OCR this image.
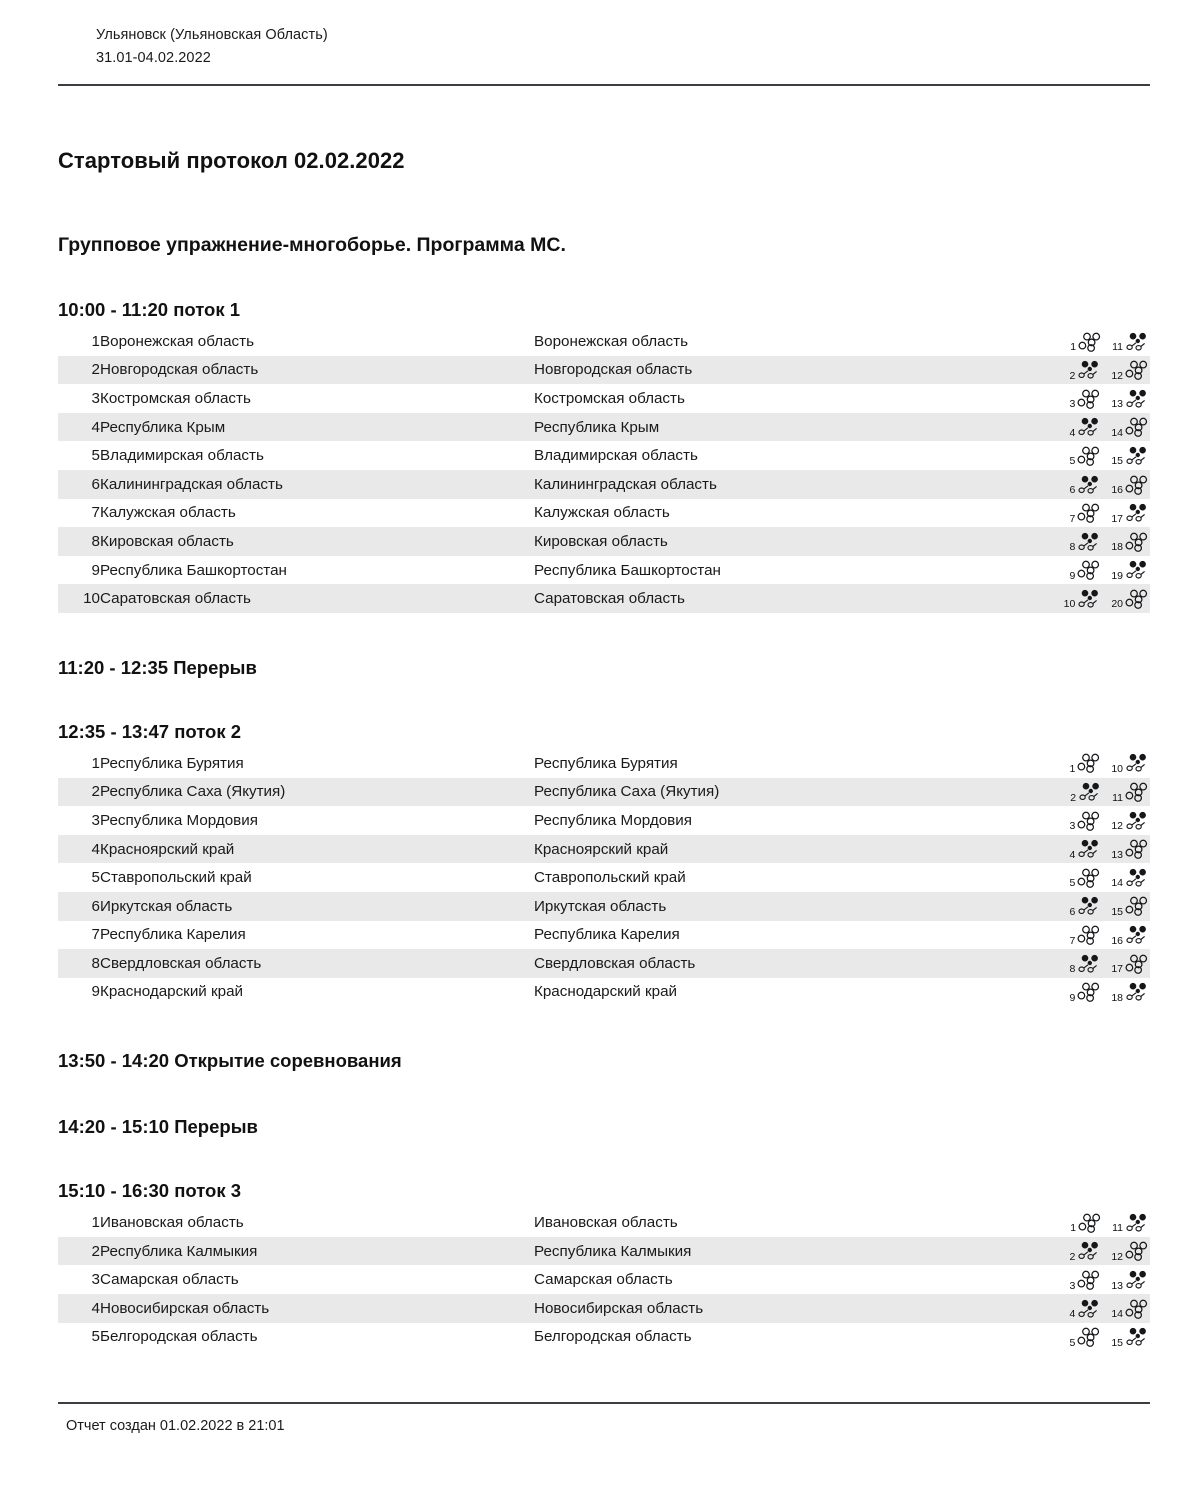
Ульяновск (Ульяновская Область)
31.01-04.02.2022
Стартовый протокол 02.02.2022
Групповое упражнение-многоборье. Программа МС.
10:00 - 11:20 поток 1
1	Воронежская область	Воронежская область	1 11

2	Новгородская область	Новгородская область	2 12

3	Костромская область	Костромская область	3 13

4	Республика Крым	Республика Крым	4 14

5	Владимирская область	Владимирская область	5 15

6	Калининградская область	Калининградская область	6 16

7	Калужская область	Калужская область	7 17

8	Кировская область	Кировская область	8 18

9	Республика Башкортостан	Республика Башкортостан	9 19

10	Саратовская область	Саратовская область	10 20
11:20 - 12:35 Перерыв
12:35 - 13:47 поток 2
1	Республика Бурятия	Республика Бурятия	1 10

2	Республика Саха (Якутия)	Республика Саха (Якутия)	2 11

3	Республика Мордовия	Республика Мордовия	3 12

4	Красноярский край	Красноярский край	4 13

5	Ставропольский край	Ставропольский край	5 14

6	Иркутская область	Иркутская область	6 15

7	Республика Карелия	Республика Карелия	7 16

8	Свердловская область	Свердловская область	8 17

9	Краснодарский край	Краснодарский край	9 18
13:50 - 14:20 Открытие соревнования
14:20 - 15:10 Перерыв
15:10 - 16:30 поток 3
1	Ивановская область	Ивановская область	1 11

2	Республика Калмыкия	Республика Калмыкия	2 12

3	Самарская область	Самарская область	3 13

4	Новосибирская область	Новосибирская область	4 14

5	Белгородская область	Белгородская область	5 15
Отчет создан 01.02.2022 в 21:01
